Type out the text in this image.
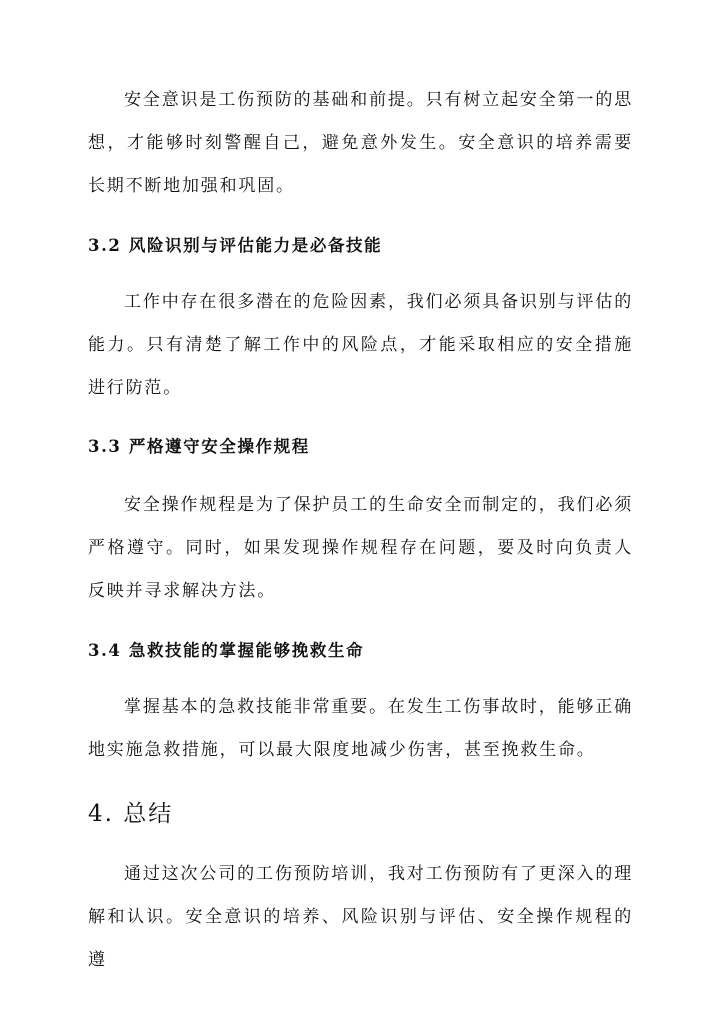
安全意识是工伤预防的基础和前提。只有树立起安全第一的思想，才能够时刻警醒自己，避免意外发生。安全意识的培养需要长期不断地加强和巩固。

3.2 风险识别与评估能力是必备技能

工作中存在很多潜在的危险因素，我们必须具备识别与评估的能力。只有清楚了解工作中的风险点，才能采取相应的安全措施进行防范。

3.3 严格遵守安全操作规程

安全操作规程是为了保护员工的生命安全而制定的，我们必须严格遵守。同时，如果发现操作规程存在问题，要及时向负责人反映并寻求解决方法。

3.4 急救技能的掌握能够挽救生命

掌握基本的急救技能非常重要。在发生工伤事故时，能够正确地实施急救措施，可以最大限度地减少伤害，甚至挽救生命。

4. 总结

通过这次公司的工伤预防培训，我对工伤预防有了更深入的理解和认识。安全意识的培养、风险识别与评估、安全操作规程的遵
